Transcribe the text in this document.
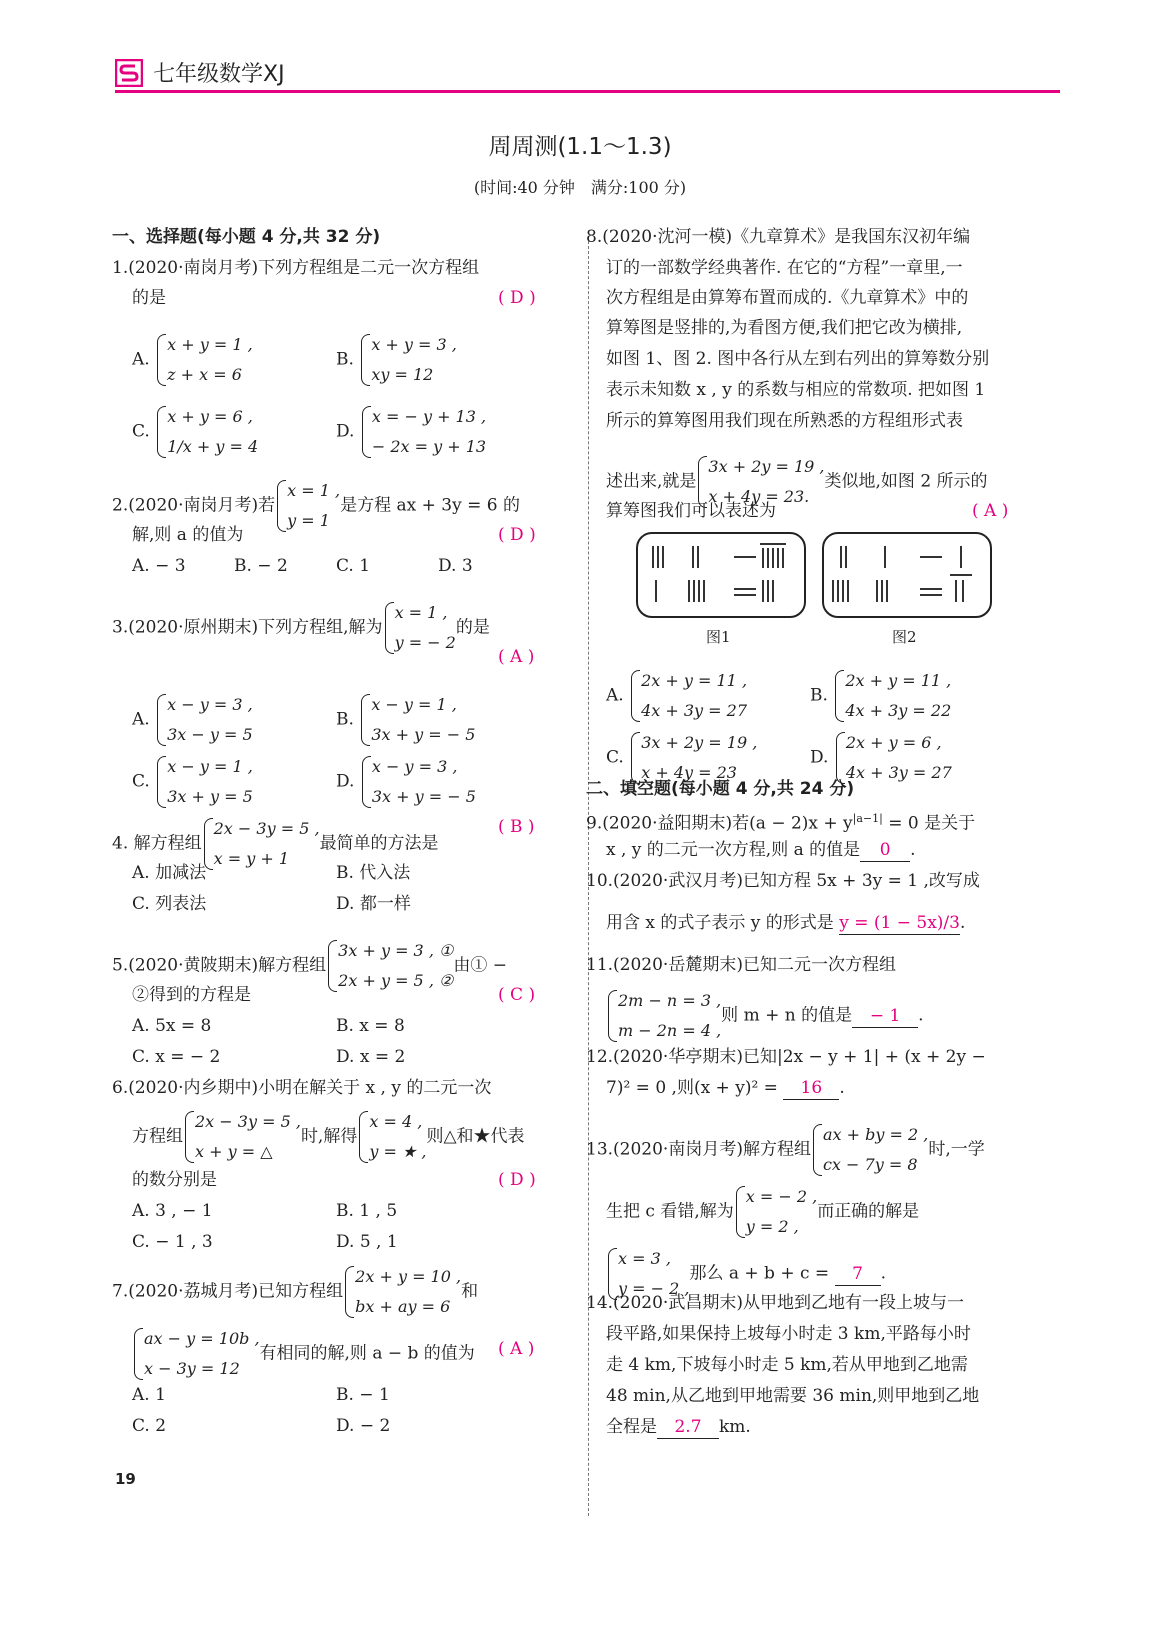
七年级数学XJ
周周测(1.1～1.3)
(时间:40 分钟　满分:100 分)
一、选择题(每小题 4 分,共 32 分)
1.(2020·南岗月考)下列方程组是二元一次方程组
的是	( D )
A.
x + y = 1 ,
z + x = 6
B.
x + y = 3 ,
xy = 12
C.
x + y = 6 ,
1/x + y = 4
D.
x = − y + 13 ,
− 2x = y + 13
2.(2020·南岗月考)若
x = 1 ,
y = 1
是方程 ax + 3y = 6 的
解,则 a 的值为	( D )
A. − 3	B. − 2	C. 1	D. 3
3.(2020·原州期末)下列方程组,解为
x = 1 ,
y = − 2
的是
( A )
A.
x − y = 3 ,
3x − y = 5
B.
x − y = 1 ,
3x + y = − 5
C.
x − y = 1 ,
3x + y = 5
D.
x − y = 3 ,
3x + y = − 5
4. 解方程组
2x − 3y = 5 ,
x = y + 1
最简单的方法是
( B )
A. 加减法	B. 代入法
C. 列表法	D. 都一样
5.(2020·黄陂期末)解方程组
3x + y = 3 , ①
2x + y = 5 , ②
由① −
②得到的方程是	( C )
A. 5x = 8	B. x = 8
C. x = − 2	D. x = 2
6.(2020·内乡期中)小明在解关于 x , y 的二元一次
方程组
2x − 3y = 5 ,
x + y = △
时,解得
x = 4 ,
y = ★ ,
则△和★代表
的数分别是	( D )
A. 3 , − 1	B. 1 , 5
C. − 1 , 3	D. 5 , 1
7.(2020·荔城月考)已知方程组
2x + y = 10 ,
bx + ay = 6
和
ax − y = 10b ,
x − 3y = 12
有相同的解,则 a − b 的值为 ( A )
A. 1	B. − 1
C. 2	D. − 2
8.(2020·沈河一模)《九章算术》是我国东汉初年编
订的一部数学经典著作. 在它的“方程”一章里,一
次方程组是由算筹布置而成的.《九章算术》中的
算筹图是竖排的,为看图方便,我们把它改为横排,
如图 1、图 2. 图中各行从左到右列出的算筹数分别
表示未知数 x , y 的系数与相应的常数项. 把如图 1
所示的算筹图用我们现在所熟悉的方程组形式表
述出来,就是
3x + 2y = 19 ,
x + 4y = 23.
类似地,如图 2 所示的
算筹图我们可以表述为	( A )
图1	图2
A.
2x + y = 11 ,
4x + 3y = 27
B.
2x + y = 11 ,
4x + 3y = 22
C.
3x + 2y = 19 ,
x + 4y = 23
D.
2x + y = 6 ,
4x + 3y = 27
二、填空题(每小题 4 分,共 24 分)
9.(2020·益阳期末)若$(a - 2)x + y^{|a-1|} = 0$ 是关于
x , y 的二元一次方程,则 a 的值是 0 .
10.(2020·武汉月考)已知方程 5x + 3y = 1 ,改写成
用含 x 的式子表示 y 的形式是 y = (1 − 5x)/3.
11.(2020·岳麓期末)已知二元一次方程组
2m − n = 3 ,
m − 2n = 4 ,
则 m + n 的值是 − 1 .
12.(2020·华亭期末)已知|2x − y + 1| + (x + 2y −
7)² = 0 ,则(x + y)² = 16 .
13.(2020·南岗月考)解方程组
ax + by = 2 ,
cx − 7y = 8
时,一学
生把 c 看错,解为
x = − 2 ,
y = 2 ,
而正确的解是
x = 3 ,
y = − 2 ,
那么 a + b + c = 7 .
14.(2020·武昌期末)从甲地到乙地有一段上坡与一
段平路,如果保持上坡每小时走 3 km,平路每小时
走 4 km,下坡每小时走 5 km,若从甲地到乙地需
48 min,从乙地到甲地需要 36 min,则甲地到乙地
全程是 2.7 km.
19
